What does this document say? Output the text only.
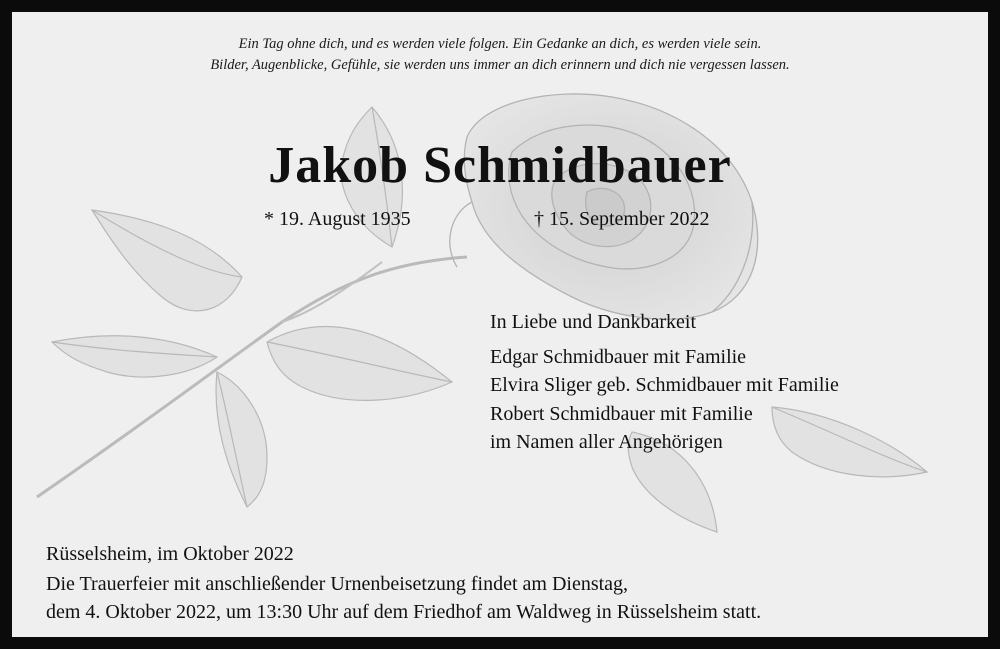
Ein Tag ohne dich, und es werden viele folgen. Ein Gedanke an dich, es werden viele sein.
Bilder, Augenblicke, Gefühle, sie werden uns immer an dich erinnern und dich nie vergessen lassen.
Jakob Schmidbauer
* 19. August 1935	† 15. September 2022
In Liebe und Dankbarkeit
Edgar Schmidbauer mit Familie
Elvira Sliger geb. Schmidbauer mit Familie
Robert Schmidbauer mit Familie
im Namen aller Angehörigen
Rüsselsheim, im Oktober 2022
Die Trauerfeier mit anschließender Urnenbeisetzung findet am Dienstag,
dem 4. Oktober 2022, um 13:30 Uhr auf dem Friedhof am Waldweg in Rüsselsheim statt.
